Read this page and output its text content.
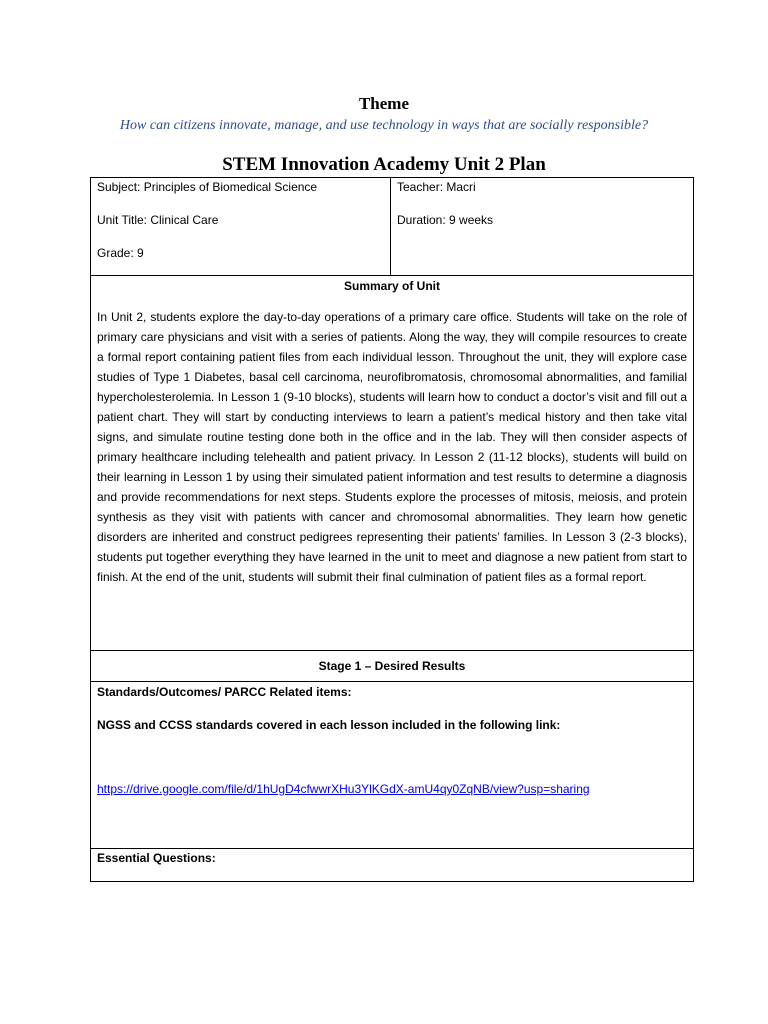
Theme
How can citizens innovate, manage, and use technology in ways that are socially responsible?
STEM Innovation Academy Unit 2 Plan

Subject: Principles of Biomedical Science

Unit Title: Clinical Care

Grade: 9

Teacher: Macri

Duration: 9 weeks

Summary of Unit

In Unit 2, students explore the day-to-day operations of a primary care office. Students will take on the role of primary care physicians and visit with a series of patients. Along the way, they will compile resources to create a formal report containing patient files from each individual lesson. Throughout the unit, they will explore case studies of Type 1 Diabetes, basal cell carcinoma, neurofibromatosis, chromosomal abnormalities, and familial hypercholesterolemia. In Lesson 1 (9-10 blocks), students will learn how to conduct a doctor’s visit and fill out a patient chart. They will start by conducting interviews to learn a patient’s medical history and then take vital signs, and simulate routine testing done both in the office and in the lab. They will then consider aspects of primary healthcare including telehealth and patient privacy. In Lesson 2 (11-12 blocks), students will build on their learning in Lesson 1 by using their simulated patient information and test results to determine a diagnosis and provide recommendations for next steps. Students explore the processes of mitosis, meiosis, and protein synthesis as they visit with patients with cancer and chromosomal abnormalities. They learn how genetic disorders are inherited and construct pedigrees representing their patients’ families. In Lesson 3 (2-3 blocks), students put together everything they have learned in the unit to meet and diagnose a new patient from start to finish. At the end of the unit, students will submit their final culmination of patient files as a formal report.

Stage 1 – Desired Results

Standards/Outcomes/ PARCC Related items:

NGSS and CCSS standards covered in each lesson included in the following link:

https://drive.google.com/file/d/1hUgD4cfwwrXHu3YlKGdX-amU4qy0ZqNB/view?usp=sharing

Essential Questions:
